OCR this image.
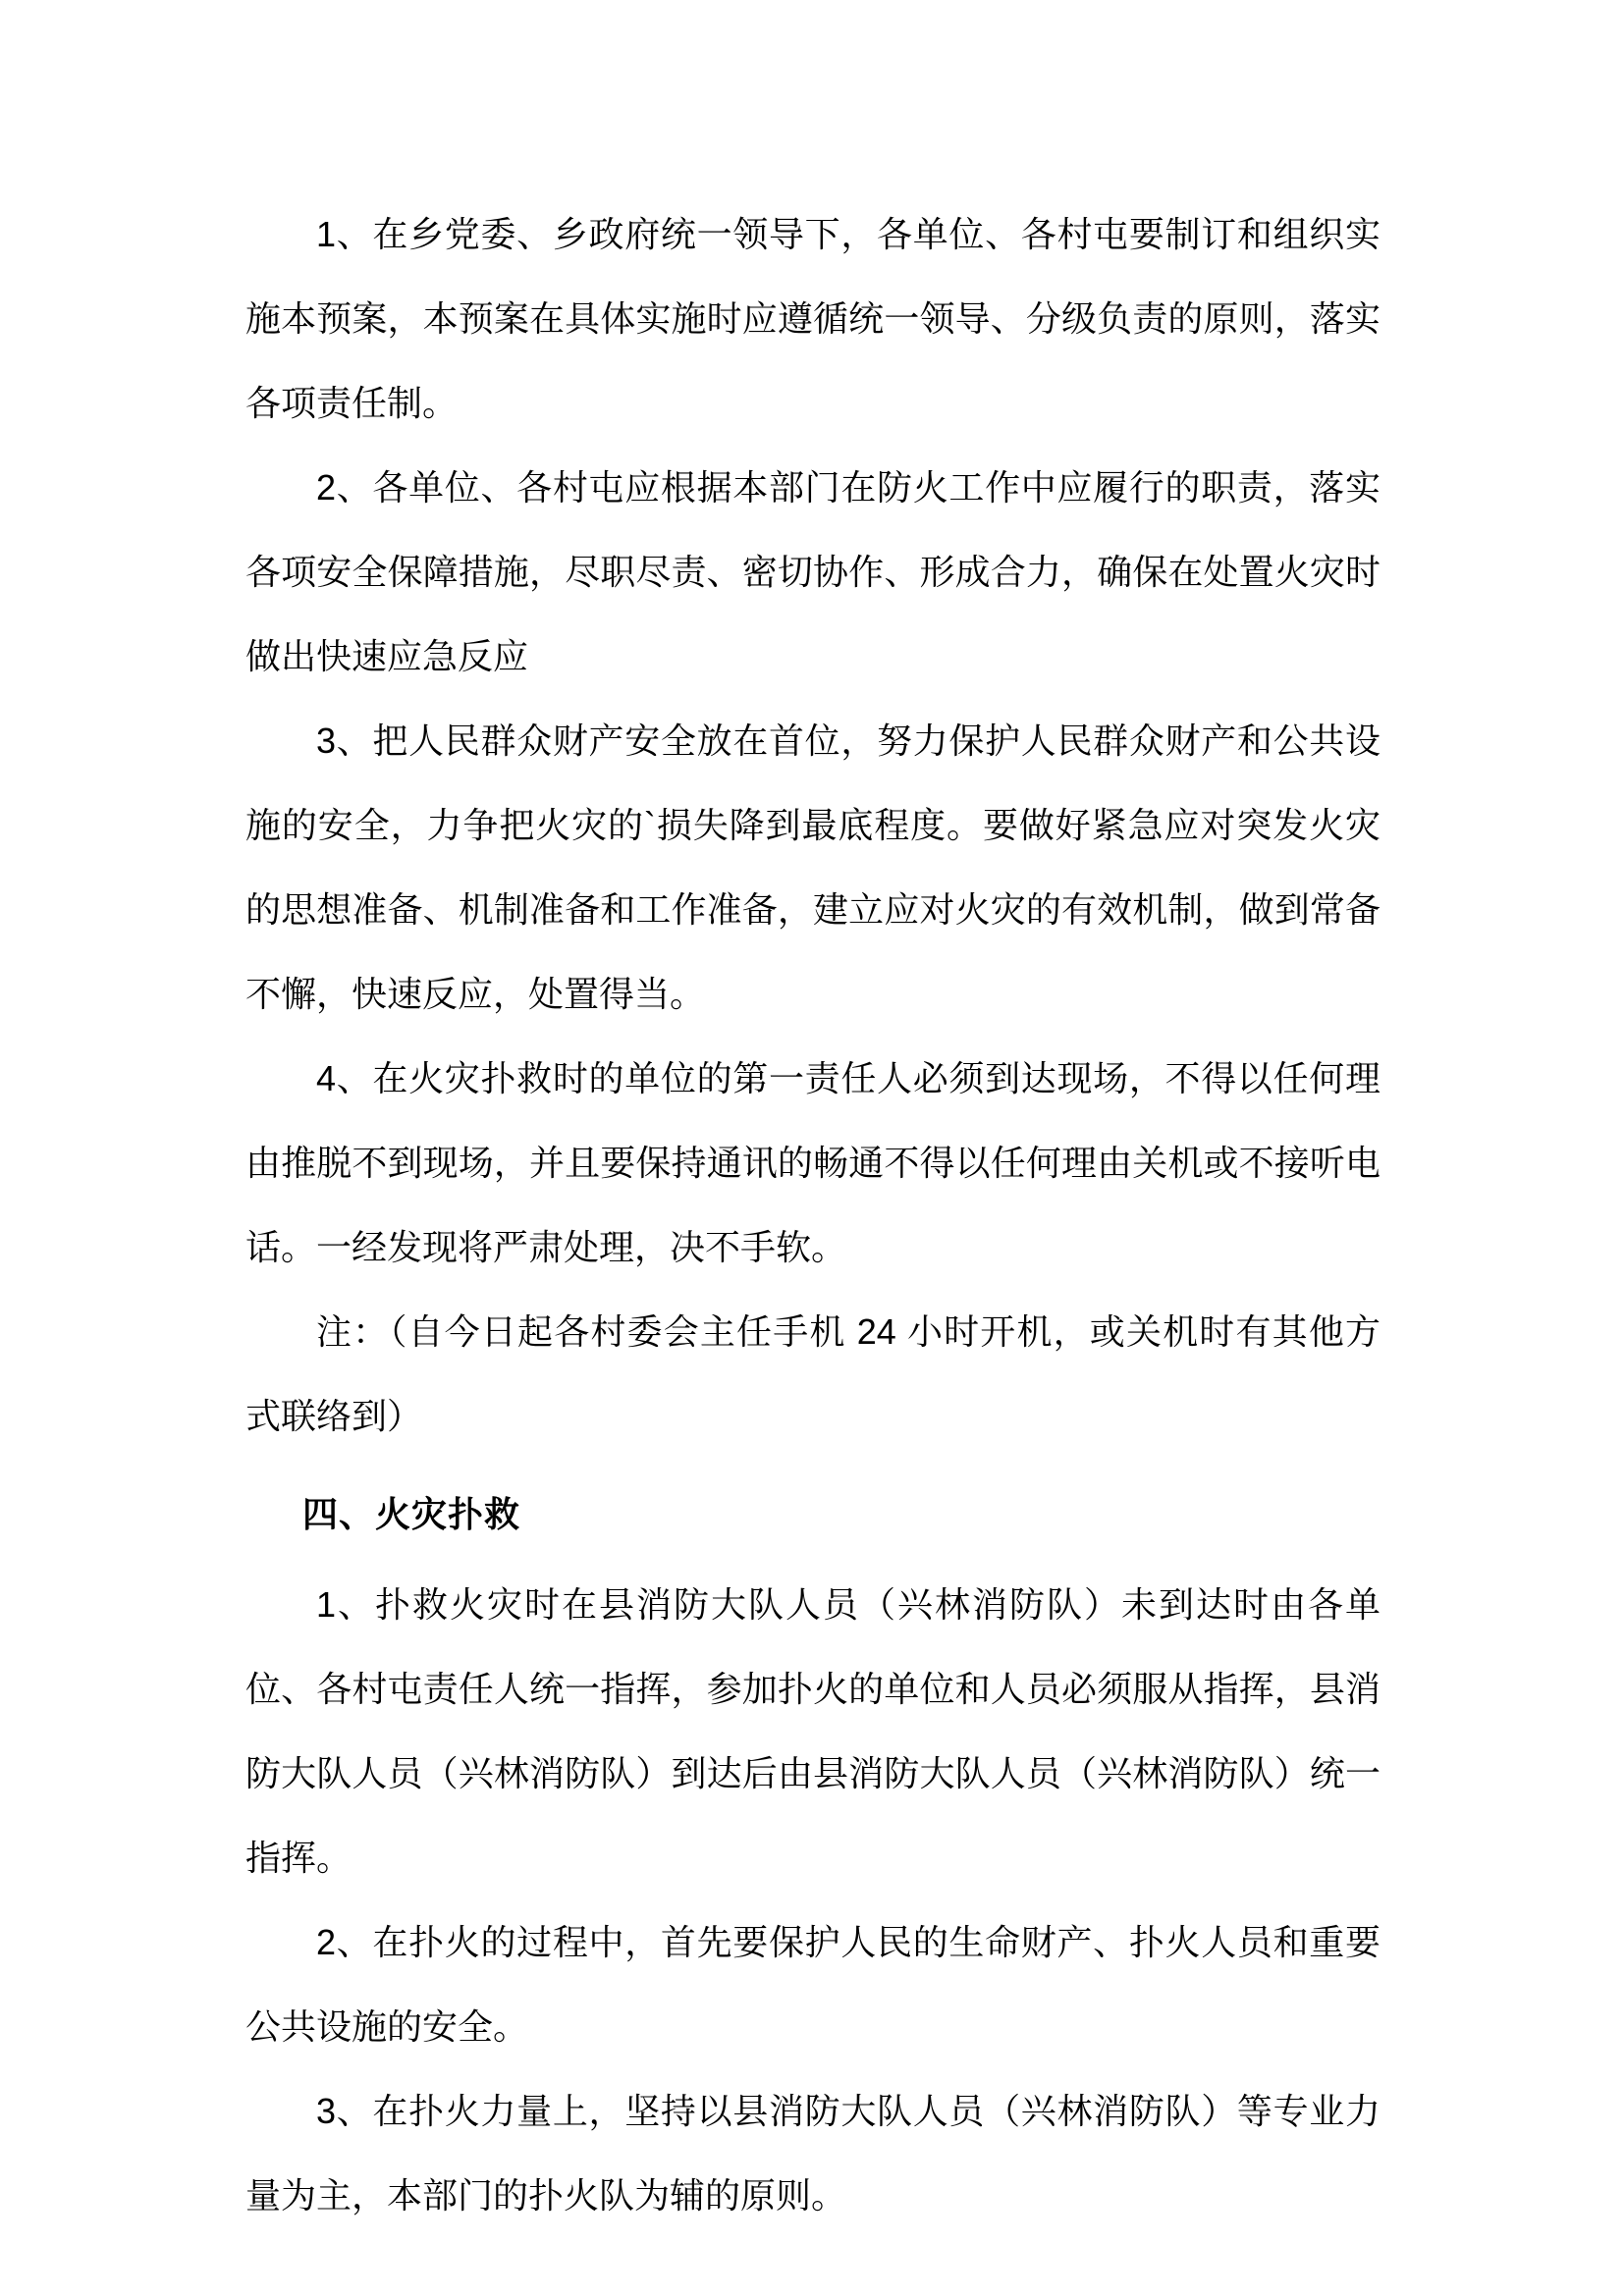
1、在乡党委、乡政府统一领导下，各单位、各村屯要制订和组织实施本预案，本预案在具体实施时应遵循统一领导、分级负责的原则，落实各项责任制。

2、各单位、各村屯应根据本部门在防火工作中应履行的职责，落实各项安全保障措施，尽职尽责、密切协作、形成合力，确保在处置火灾时做出快速应急反应

3、把人民群众财产安全放在首位，努力保护人民群众财产和公共设施的安全，力争把火灾的`损失降到最底程度。要做好紧急应对突发火灾的思想准备、机制准备和工作准备，建立应对火灾的有效机制，做到常备不懈，快速反应，处置得当。

4、在火灾扑救时的单位的第一责任人必须到达现场，不得以任何理由推脱不到现场，并且要保持通讯的畅通不得以任何理由关机或不接听电话。一经发现将严肃处理，决不手软。

注：（自今日起各村委会主任手机 24 小时开机，或关机时有其他方式联络到）

四、火灾扑救

1、扑救火灾时在县消防大队人员（兴林消防队）未到达时由各单位、各村屯责任人统一指挥，参加扑火的单位和人员必须服从指挥，县消防大队人员（兴林消防队）到达后由县消防大队人员（兴林消防队）统一指挥。

2、在扑火的过程中，首先要保护人民的生命财产、扑火人员和重要公共设施的安全。

3、在扑火力量上，坚持以县消防大队人员（兴林消防队）等专业力量为主，本部门的扑火队为辅的原则。
